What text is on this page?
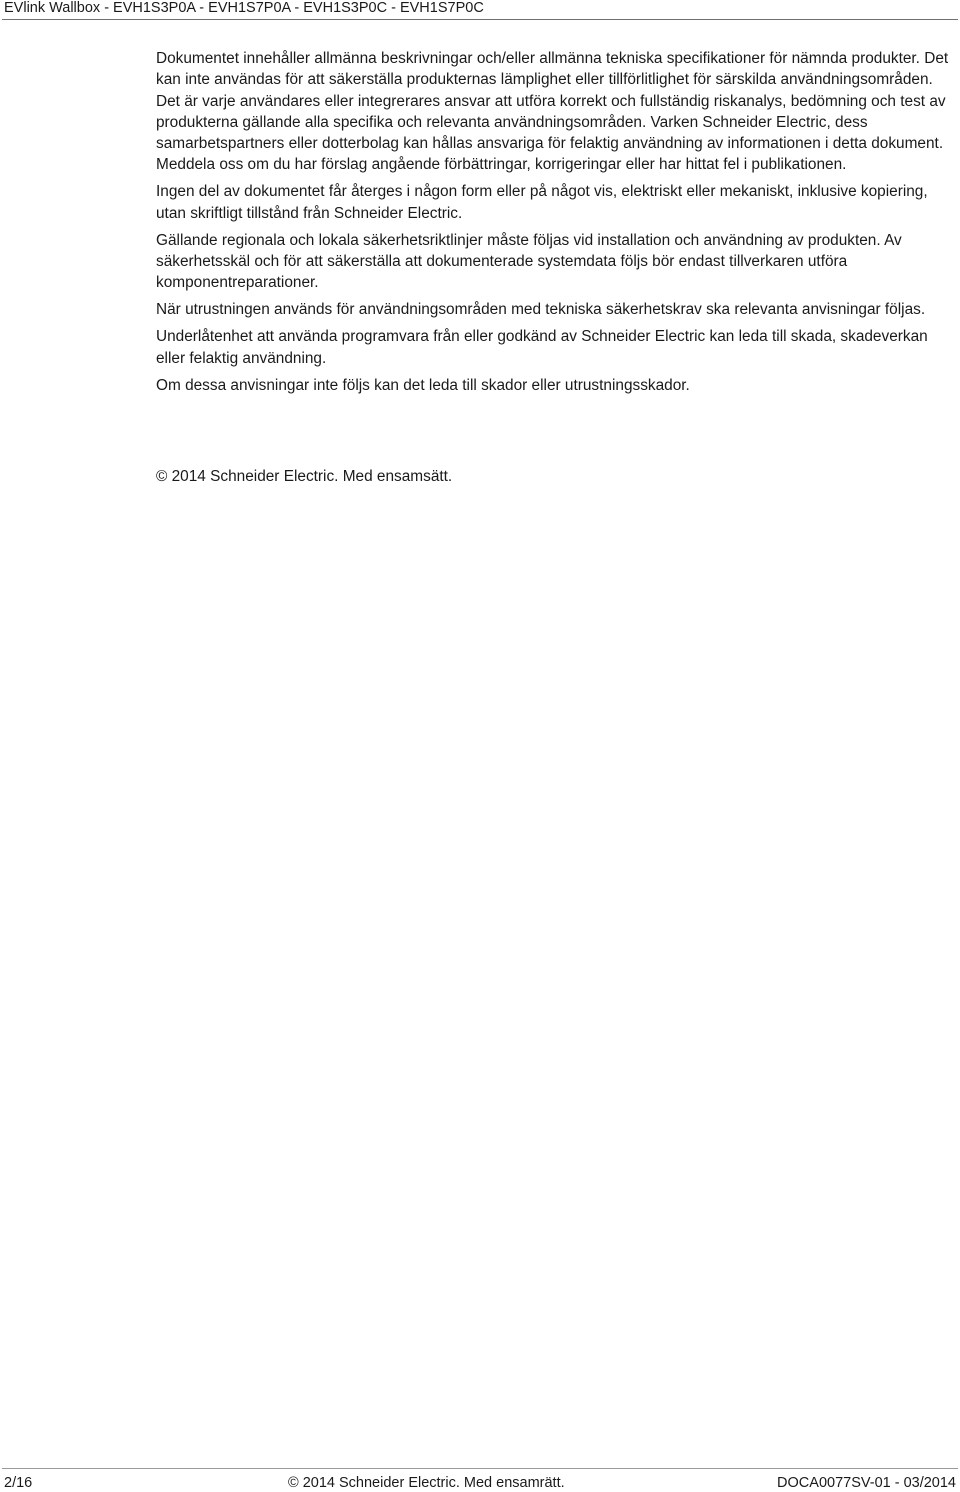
EVlink Wallbox - EVH1S3P0A - EVH1S7P0A - EVH1S3P0C - EVH1S7P0C

Dokumentet innehåller allmänna beskrivningar och/eller allmänna tekniska specifikationer för nämnda produkter. Det kan inte användas för att säkerställa produkternas lämplighet eller tillförlitlighet för särskilda användningsområden. Det är varje användares eller integrerares ansvar att utföra korrekt och fullständig riskanalys, bedömning och test av produkterna gällande alla specifika och relevanta användningsområden. Varken Schneider Electric, dess samarbetspartners eller dotterbolag kan hållas ansvariga för felaktig användning av informationen i detta dokument. Meddela oss om du har förslag angående förbättringar, korrigeringar eller har hittat fel i publikationen.

Ingen del av dokumentet får återges i någon form eller på något vis, elektriskt eller mekaniskt, inklusive kopiering, utan skriftligt tillstånd från Schneider Electric.

Gällande regionala och lokala säkerhetsriktlinjer måste följas vid installation och användning av produkten. Av säkerhetsskäl och för att säkerställa att dokumenterade systemdata följs bör endast tillverkaren utföra komponentreparationer.

När utrustningen används för användningsområden med tekniska säkerhetskrav ska relevanta anvisningar följas.

Underlåtenhet att använda programvara från eller godkänd av Schneider Electric kan leda till skada, skadeverkan eller felaktig användning.

Om dessa anvisningar inte följs kan det leda till skador eller utrustningsskador.

© 2014 Schneider Electric. Med ensamsätt.
2/16	© 2014 Schneider Electric. Med ensamrätt.	DOCA0077SV-01 - 03/2014
